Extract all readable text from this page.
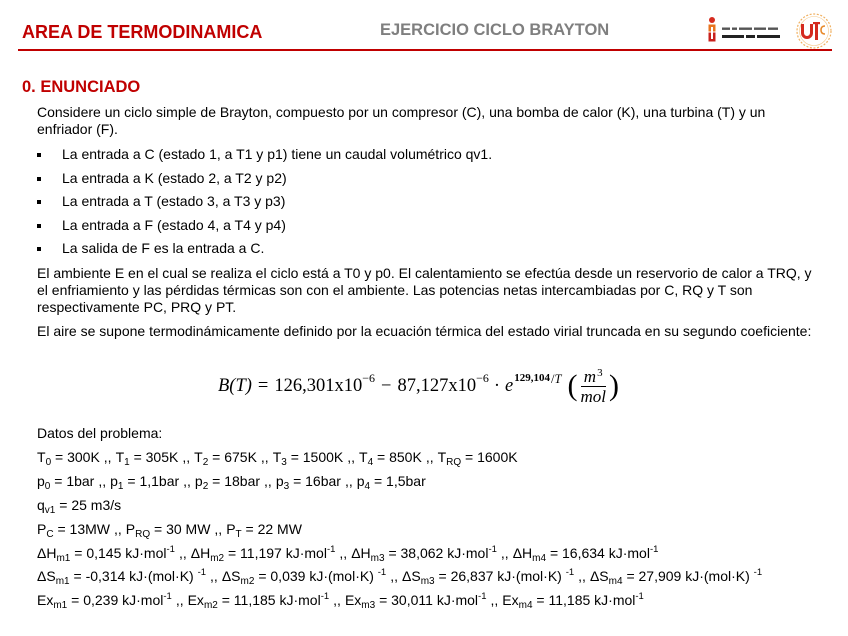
AREA DE TERMODINAMICA	EJERCICIO CICLO BRAYTON
0. ENUNCIADO
Considere un ciclo simple de Brayton, compuesto por un compresor (C), una bomba de calor (K), una turbina (T) y un
enfriador (F).
La entrada a C (estado 1, a T1 y p1) tiene un caudal volumétrico qv1.
La entrada a K (estado 2, a T2 y p2)
La entrada a T (estado 3, a T3 y p3)
La entrada a F (estado 4, a T4 y p4)
La salida de F es la entrada a C.
El ambiente E en el cual se realiza el ciclo está a T0 y p0. El calentamiento se efectúa desde un reservorio de calor a TRQ, y
el enfriamiento y las pérdidas térmicas son con el ambiente. Las potencias netas intercambiadas por C, RQ y T son
respectivamente PC, PRQ y PT.
El aire se supone termodinámicamente definido por la ecuación térmica del estado virial truncada en su segundo coeficiente:
B(T) = 126,301x10 −6 − 87,127x10 −6 · e 129,104 / T ( $\frac{m 3}{\text{mol}}$ )
Datos del problema:
$T_0 = 300K$ ,, $T_1 = 305K$ ,, $T_2 = 675K$ ,, $T_3 = 1500K$ ,, $T_4 = 850K$ ,, $T_{RQ} = 1600K$
$p_0 = 1bar$ ,, $p_1 = 1,1bar$ ,, $p_2 = 18bar$ ,, $p_3 = 16bar$ ,, $p_4 = 1,5bar$
$q_{v1} = 25$ m3/s
$P_C = 13MW$ ,, $P_{RQ} = 30$ MW ,, $P_T = 22$ MW
$\Delta H_{m1} = 0,145$ kJ·mol$^{-1}$ ,, $\Delta H_{m2} = 11,197$ kJ·mol$^{-1}$ ,, $\Delta H_{m3} = 38,062$ kJ·mol$^{-1}$ ,, $\Delta H_{m4} = 16,634$ kJ·mol$^{-1}$
$\Delta S_{m1} = -0,314$ kJ·(mol·K) $^{-1}$ ,, $\Delta S_{m2} = 0,039$ kJ·(mol·K) $^{-1}$ ,, $\Delta S_{m3} = 26,837$ kJ·(mol·K) $^{-1}$ ,, $\Delta S_{m4} = 27,909$ kJ·(mol·K) $^{-1}$
$Ex_{m1} = 0,239$ kJ·mol$^{-1}$ ,, $Ex_{m2} = 11,185$ kJ·mol$^{-1}$ ,, $Ex_{m3} = 30,011$ kJ·mol$^{-1}$ ,, $Ex_{m4} = 11,185$ kJ·mol$^{-1}$
